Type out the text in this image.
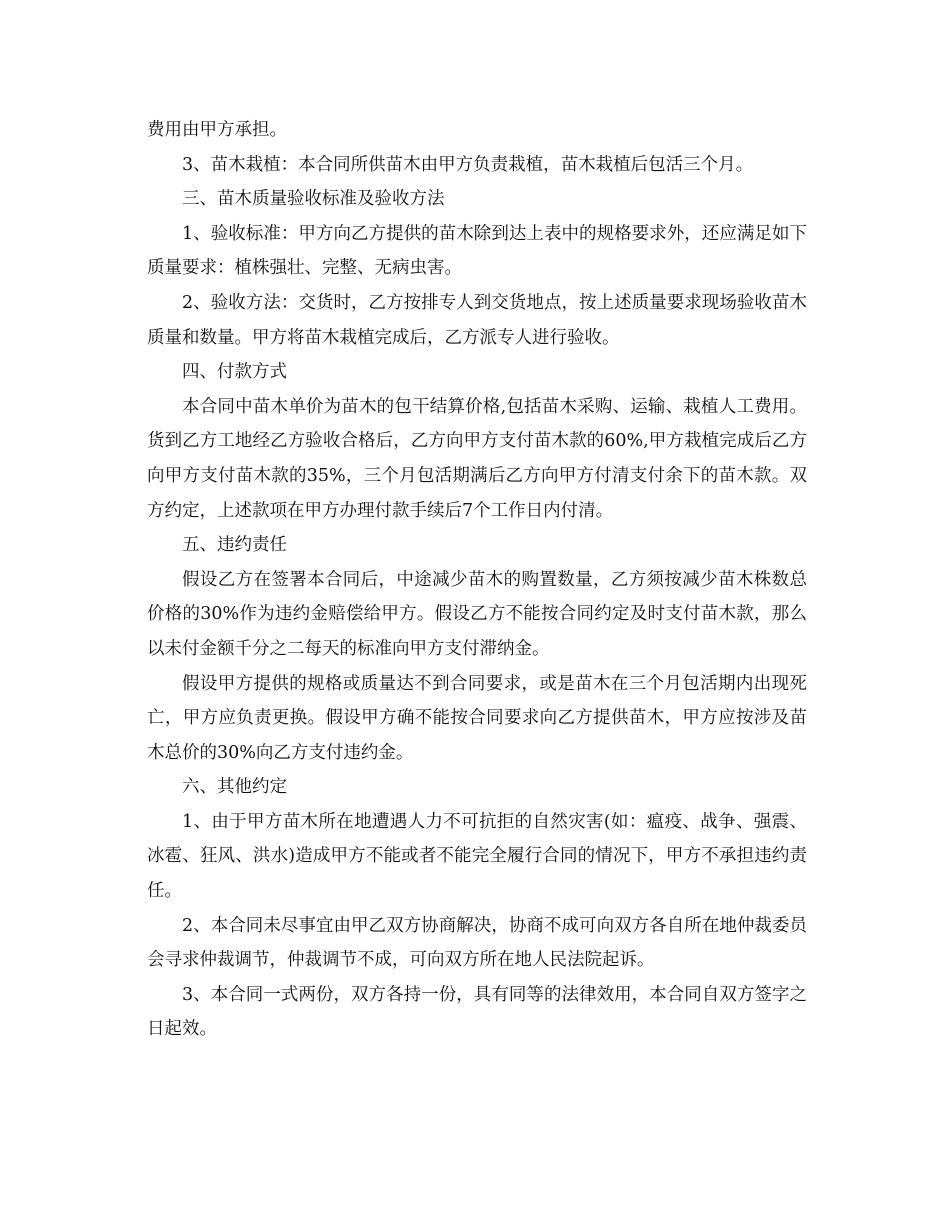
费用由甲方承担。

3、苗木栽植：本合同所供苗木由甲方负责栽植，苗木栽植后包活三个月。

三、苗木质量验收标准及验收方法

1、验收标准：甲方向乙方提供的苗木除到达上表中的规格要求外，还应满足如下质量要求：植株强壮、完整、无病虫害。

2、验收方法：交货时，乙方按排专人到交货地点，按上述质量要求现场验收苗木质量和数量。甲方将苗木栽植完成后，乙方派专人进行验收。

四、付款方式

本合同中苗木单价为苗木的包干结算价格,包括苗木采购、运输、栽植人工费用。货到乙方工地经乙方验收合格后，乙方向甲方支付苗木款的60%,甲方栽植完成后乙方向甲方支付苗木款的35%，三个月包活期满后乙方向甲方付清支付余下的苗木款。双方约定，上述款项在甲方办理付款手续后7个工作日内付清。

五、违约责任

假设乙方在签署本合同后，中途减少苗木的购置数量，乙方须按减少苗木株数总价格的30%作为违约金赔偿给甲方。假设乙方不能按合同约定及时支付苗木款，那么以未付金额千分之二每天的标准向甲方支付滞纳金。

假设甲方提供的规格或质量达不到合同要求，或是苗木在三个月包活期内出现死亡，甲方应负责更换。假设甲方确不能按合同要求向乙方提供苗木，甲方应按涉及苗木总价的30%向乙方支付违约金。

六、其他约定

1、由于甲方苗木所在地遭遇人力不可抗拒的自然灾害(如：瘟疫、战争、强震、冰雹、狂风、洪水)造成甲方不能或者不能完全履行合同的情况下，甲方不承担违约责任。

2、本合同未尽事宜由甲乙双方协商解决，协商不成可向双方各自所在地仲裁委员会寻求仲裁调节，仲裁调节不成，可向双方所在地人民法院起诉。

3、本合同一式两份，双方各持一份，具有同等的法律效用，本合同自双方签字之日起效。
